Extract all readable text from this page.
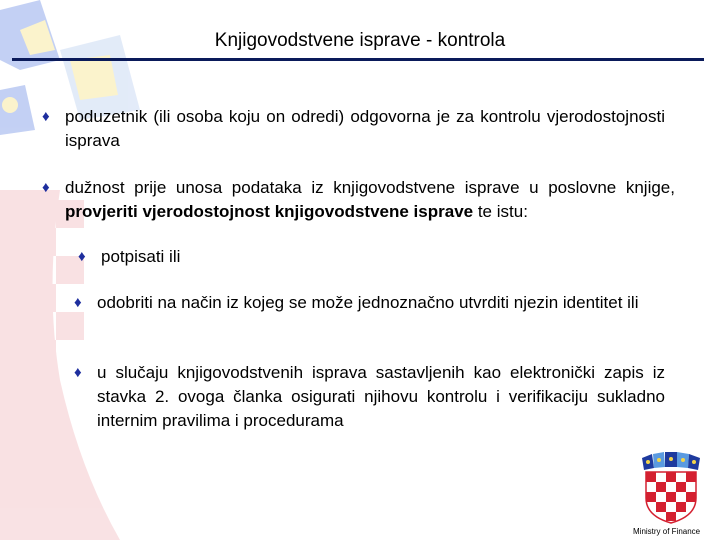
Knjigovodstvene isprave - kontrola
♦ poduzetnik (ili osoba koju on odredi) odgovorna je za kontrolu vjerodostojnosti isprava
♦ dužnost prije unosa podataka iz knjigovodstvene isprave u poslovne knjige, provjeriti vjerodostojnost knjigovodstvene isprave te istu:
♦ potpisati ili
♦ odobriti na način iz kojeg se može jednoznačno utvrditi njezin identitet ili
♦ u slučaju knjigovodstvenih isprava sastavljenih kao elektronički zapis iz stavka 2. ovoga članka osigurati njihovu kontrolu i verifikaciju sukladno internim pravilima i procedurama
Ministry of Finance
